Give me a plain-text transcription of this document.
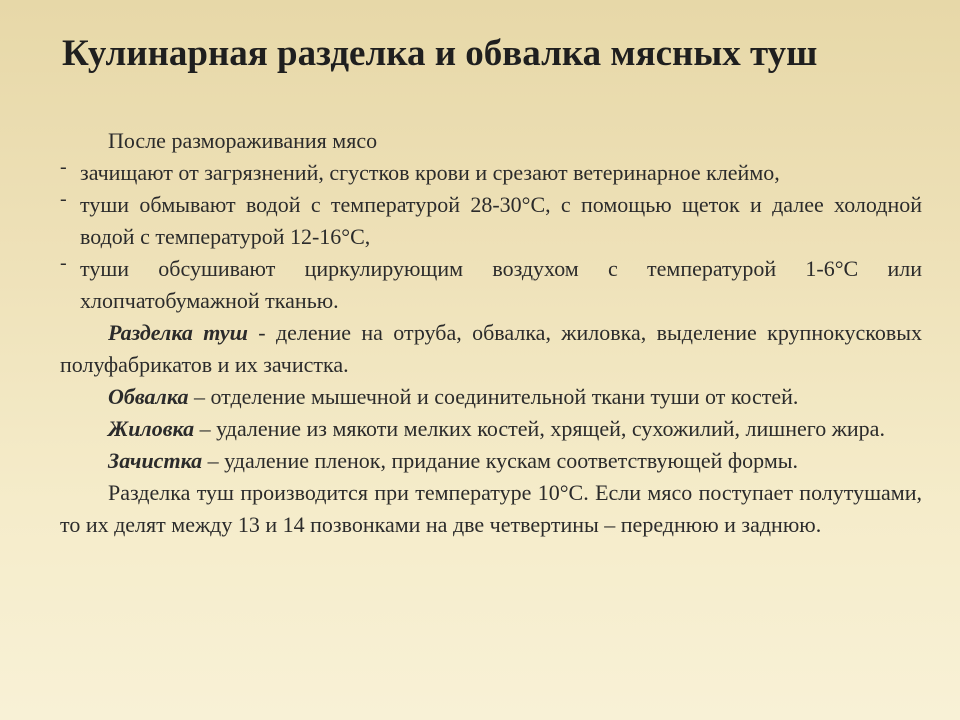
Кулинарная разделка и обвалка мясных туш

После размораживания мясо

- зачищают от загрязнений, сгустков крови и срезают ветеринарное клеймо,

- туши обмывают водой с температурой 28-30°С, с помощью щеток и далее холодной водой с температурой 12-16°С,

- туши обсушивают циркулирующим воздухом с температурой 1-6°С или хлопчатобумажной тканью.

Разделка туш - деление на отруба, обвалка, жиловка, выделение крупнокусковых полуфабрикатов и их зачистка.

Обвалка – отделение мышечной и соединительной ткани туши от костей.

Жиловка – удаление из мякоти мелких костей, хрящей, сухожилий, лишнего жира.

Зачистка – удаление пленок, придание кускам соответствующей формы.

Разделка туш производится при температуре 10°С. Если мясо поступает полутушами, то их делят между 13 и 14 позвонками на две четвертины – переднюю и заднюю.
